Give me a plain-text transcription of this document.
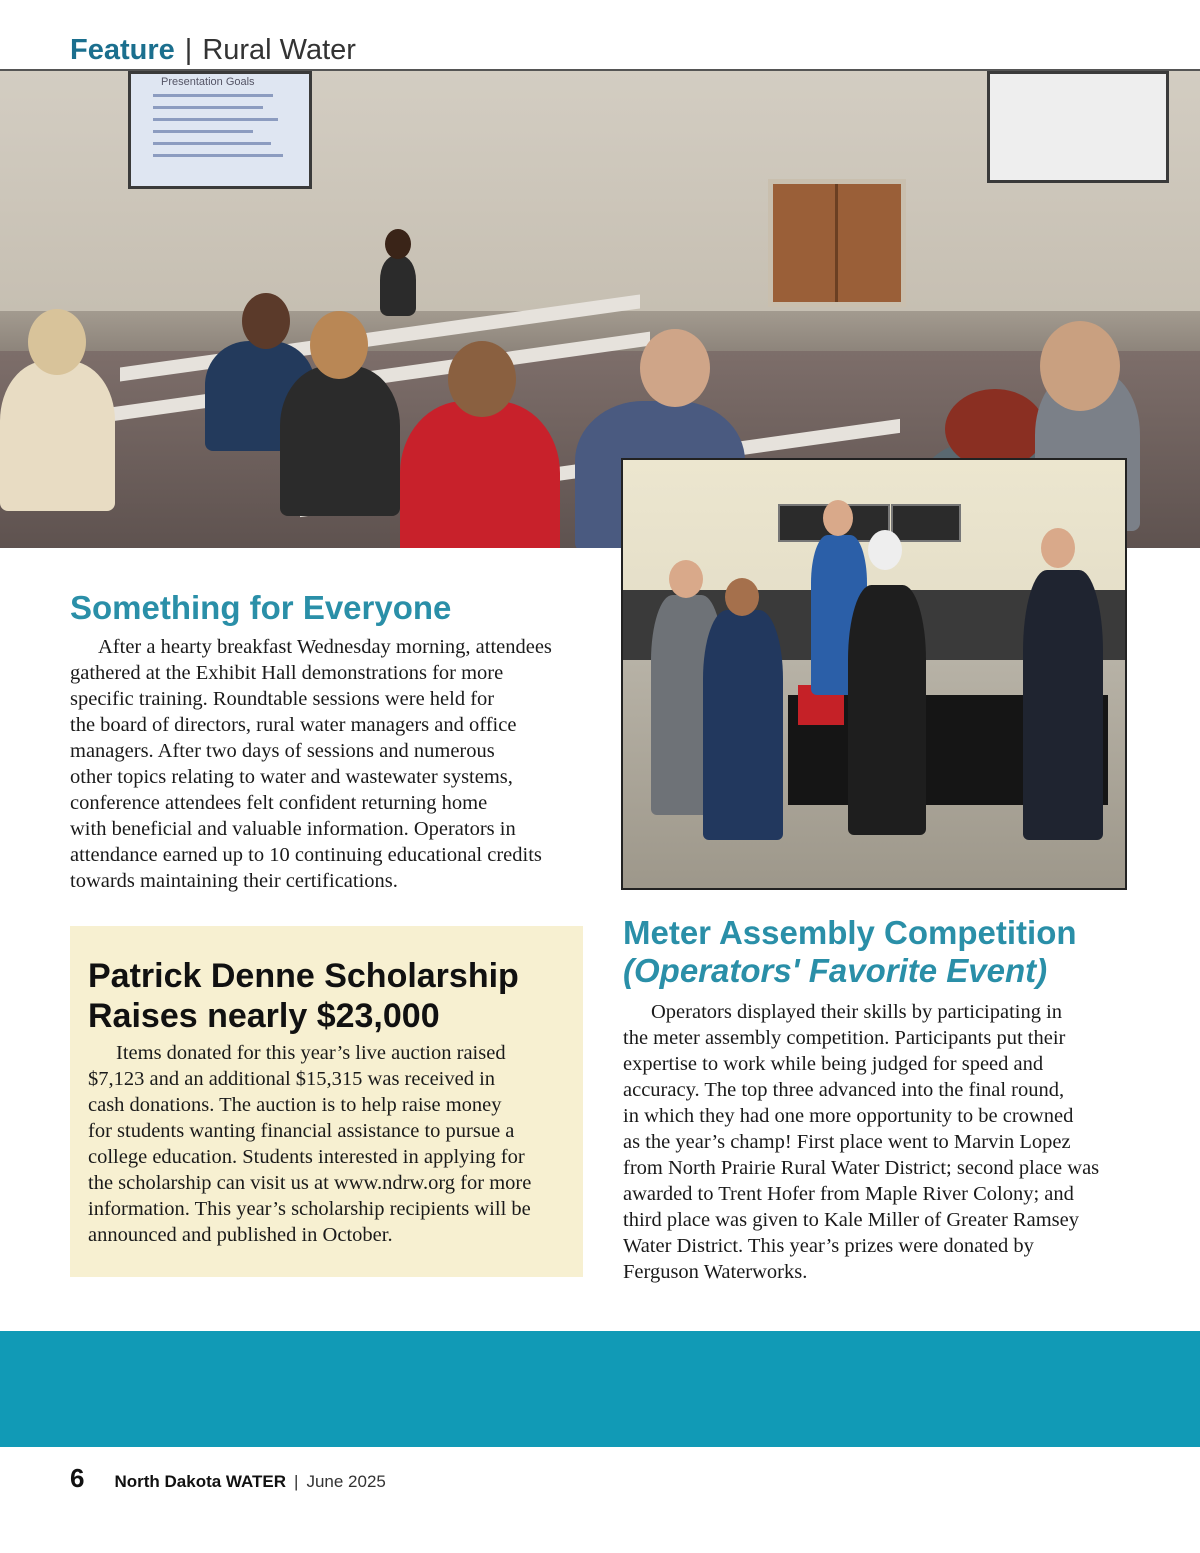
Feature | Rural Water
Presentation Goals
Something for Everyone
After a hearty breakfast Wednesday morning, attendees
gathered at the Exhibit Hall demonstrations for more
specific training. Roundtable sessions were held for
the board of directors, rural water managers and office
managers. After two days of sessions and numerous
other topics relating to water and wastewater systems,
conference attendees felt confident returning home
with beneficial and valuable information. Operators in
attendance earned up to 10 continuing educational credits
towards maintaining their certifications.
Patrick Denne Scholarship
Raises nearly $23,000
Items donated for this year’s live auction raised
$7,123 and an additional $15,315 was received in
cash donations. The auction is to help raise money
for students wanting financial assistance to pursue a
college education. Students interested in applying for
the scholarship can visit us at www.ndrw.org for more
information. This year’s scholarship recipients will be
announced and published in October.
Meter Assembly Competition
(Operators' Favorite Event)
Operators displayed their skills by participating in
the meter assembly competition. Participants put their
expertise to work while being judged for speed and
accuracy. The top three advanced into the final round,
in which they had one more opportunity to be crowned
as the year’s champ! First place went to Marvin Lopez
from North Prairie Rural Water District; second place was
awarded to Trent Hofer from Maple River Colony; and
third place was given to Kale Miller of Greater Ramsey
Water District. This year’s prizes were donated by
Ferguson Waterworks.
6 North Dakota WATER | June 2025
